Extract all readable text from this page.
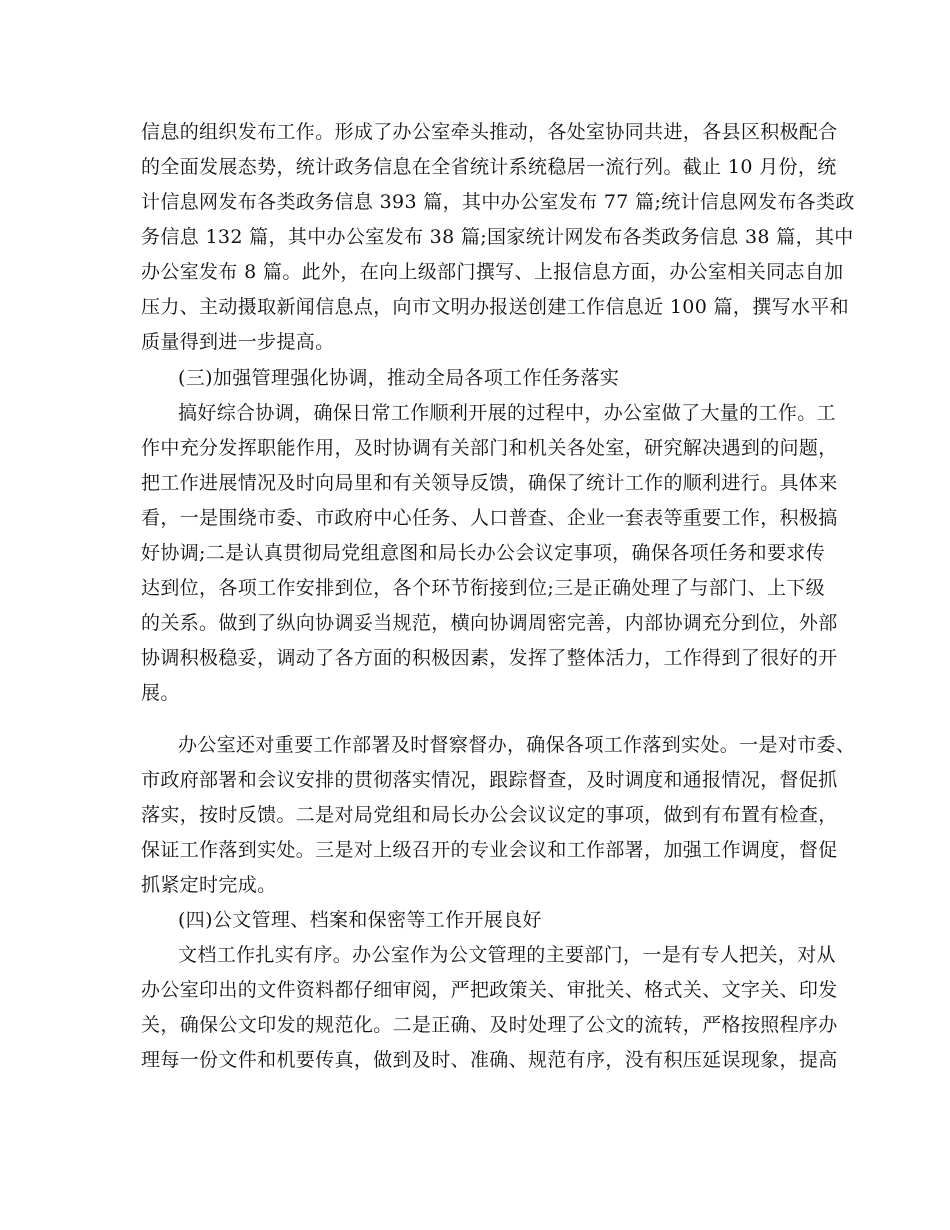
信息的组织发布工作。形成了办公室牵头推动，各处室协同共进，各县区积极配合
的全面发展态势，统计政务信息在全省统计系统稳居一流行列。截止 10 月份，统
计信息网发布各类政务信息 393 篇，其中办公室发布 77 篇;统计信息网发布各类政
务信息 132 篇，其中办公室发布 38 篇;国家统计网发布各类政务信息 38 篇，其中
办公室发布 8 篇。此外，在向上级部门撰写、上报信息方面，办公室相关同志自加
压力、主动摄取新闻信息点，向市文明办报送创建工作信息近 100 篇，撰写水平和
质量得到进一步提高。
(三)加强管理强化协调，推动全局各项工作任务落实
搞好综合协调，确保日常工作顺利开展的过程中，办公室做了大量的工作。工
作中充分发挥职能作用，及时协调有关部门和机关各处室，研究解决遇到的问题，
把工作进展情况及时向局里和有关领导反馈，确保了统计工作的顺利进行。具体来
看，一是围绕市委、市政府中心任务、人口普查、企业一套表等重要工作，积极搞
好协调;二是认真贯彻局党组意图和局长办公会议定事项，确保各项任务和要求传
达到位，各项工作安排到位，各个环节衔接到位;三是正确处理了与部门、上下级
的关系。做到了纵向协调妥当规范，横向协调周密完善，内部协调充分到位，外部
协调积极稳妥，调动了各方面的积极因素，发挥了整体活力，工作得到了很好的开
展。
办公室还对重要工作部署及时督察督办，确保各项工作落到实处。一是对市委、
市政府部署和会议安排的贯彻落实情况，跟踪督查，及时调度和通报情况，督促抓
落实，按时反馈。二是对局党组和局长办公会议议定的事项，做到有布置有检查，
保证工作落到实处。三是对上级召开的专业会议和工作部署，加强工作调度，督促
抓紧定时完成。
(四)公文管理、档案和保密等工作开展良好
文档工作扎实有序。办公室作为公文管理的主要部门，一是有专人把关，对从
办公室印出的文件资料都仔细审阅，严把政策关、审批关、格式关、文字关、印发
关，确保公文印发的规范化。二是正确、及时处理了公文的流转，严格按照程序办
理每一份文件和机要传真，做到及时、准确、规范有序，没有积压延误现象，提高
